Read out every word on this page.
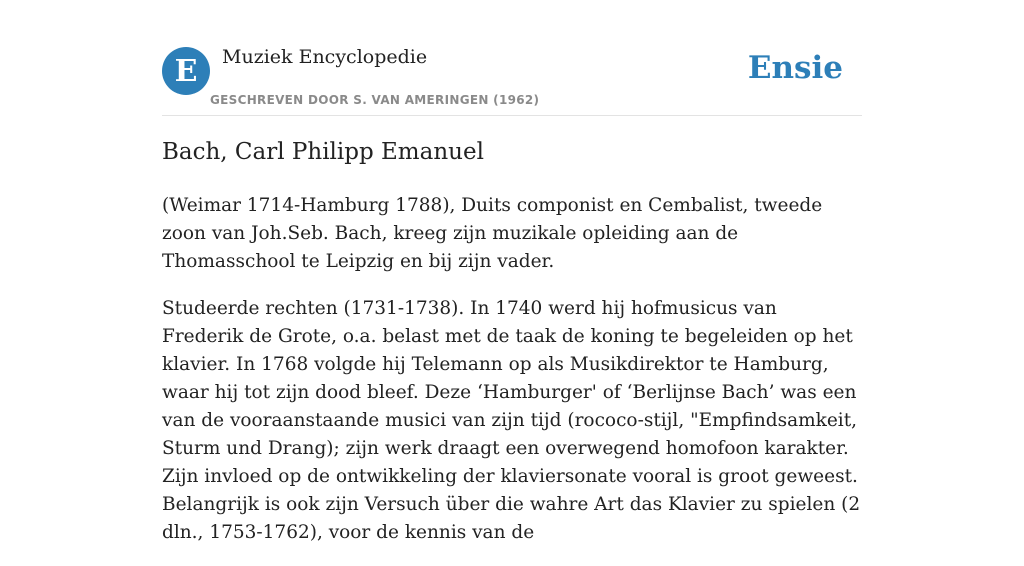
E	Muziek Encyclopedie
GESCHREVEN DOOR S. VAN AMERINGEN (1962)
Ensie
Bach, Carl Philipp Emanuel

(Weimar 1714-Hamburg 1788), Duits componist en Cembalist, tweede zoon van Joh.Seb. Bach, kreeg zijn muzikale opleiding aan de Thomasschool te Leipzig en bij zijn vader.

Studeerde rechten (1731-1738). In 1740 werd hij hofmusicus van Frederik de Grote, o.a. belast met de taak de koning te begeleiden op het klavier. In 1768 volgde hij Telemann op als Musikdirektor te Hamburg, waar hij tot zijn dood bleef. Deze ‘Hamburger' of ‘Berlijnse Bach’ was een van de vooraanstaande musici van zijn tijd (rococo-stijl, "Empfindsamkeit, Sturm und Drang); zijn werk draagt een overwegend homofoon karakter. Zijn invloed op de ontwikkeling der klaviersonate vooral is groot geweest. Belangrijk is ook zijn Versuch über die wahre Art das Klavier zu spielen (2 dln., 1753-1762), voor de kennis van de
